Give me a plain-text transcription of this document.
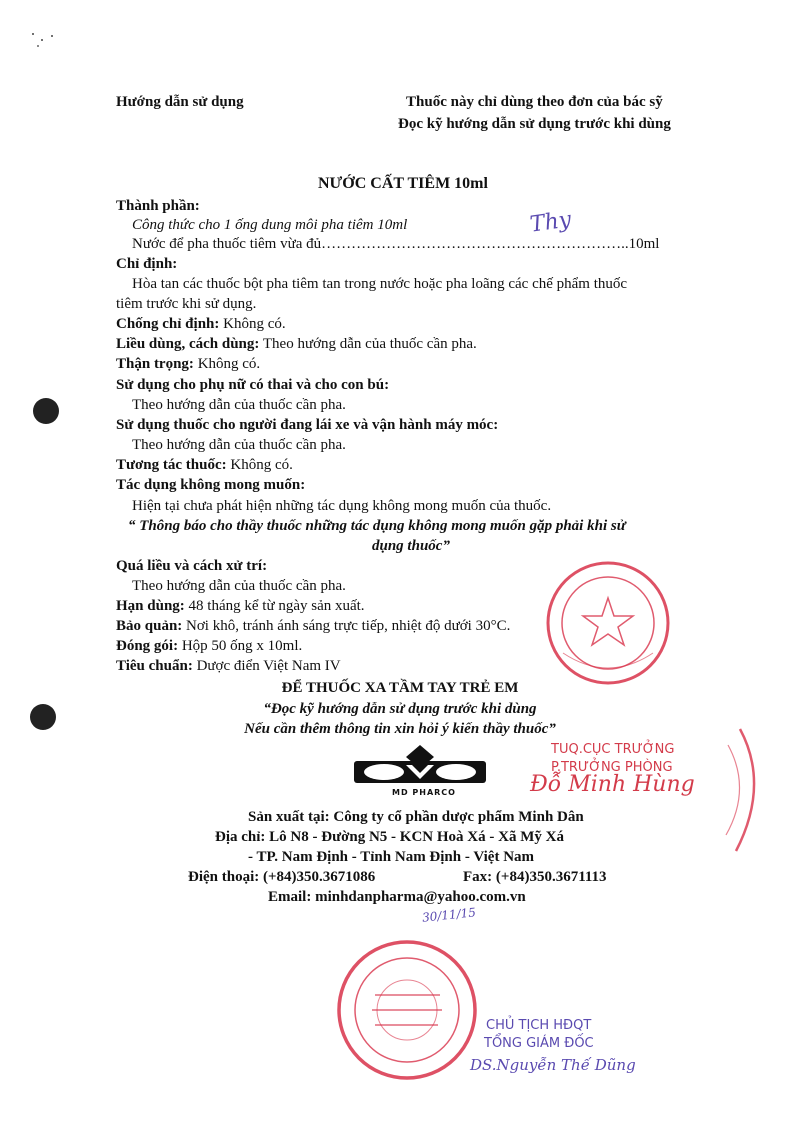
Hướng dẫn sử dụng	Thuốc này chỉ dùng theo đơn của bác sỹ
Đọc kỹ hướng dẫn sử dụng trước khi dùng
NƯỚC CẤT TIÊM 10ml
Thành phần:
Công thức cho 1 ống dung môi pha tiêm 10ml
Nước để pha thuốc tiêm vừa đủ……………………………………………………..10ml
Thy
Chỉ định:
Hòa tan các thuốc bột pha tiêm tan trong nước hoặc pha loãng các chế phẩm thuốc
tiêm trước khi sử dụng.
Chống chỉ định: Không có.
Liều dùng, cách dùng: Theo hướng dẫn của thuốc cần pha.
Thận trọng: Không có.
Sử dụng cho phụ nữ có thai và cho con bú:
Theo hướng dẫn của thuốc cần pha.
Sử dụng thuốc cho người đang lái xe và vận hành máy móc:
Theo hướng dẫn của thuốc cần pha.
Tương tác thuốc: Không có.
Tác dụng không mong muốn:
Hiện tại chưa phát hiện những tác dụng không mong muốn của thuốc.
“ Thông báo cho thầy thuốc những tác dụng không mong muốn gặp phải khi sử
dụng thuốc”
Quá liều và cách xử trí:
Theo hướng dẫn của thuốc cần pha.
Hạn dùng: 48 tháng kể từ ngày sản xuất.
Bảo quản: Nơi khô, tránh ánh sáng trực tiếp, nhiệt độ dưới 30°C.
Đóng gói: Hộp 50 ống x 10ml.
Tiêu chuẩn: Dược điển Việt Nam IV
ĐỂ THUỐC XA TẦM TAY TRẺ EM
“Đọc kỹ hướng dẫn sử dụng trước khi dùng
Nếu cần thêm thông tin xin hỏi ý kiến thầy thuốc”
MD PHARCO
TUQ.CỤC TRƯỞNG
P.TRƯỞNG PHÒNG
Đỗ Minh Hùng
Sản xuất tại: Công ty cổ phần dược phẩm Minh Dân
Địa chỉ: Lô N8 - Đường N5 - KCN Hoà Xá - Xã Mỹ Xá
- TP. Nam Định - Tỉnh Nam Định - Việt Nam
Điện thoại: (+84)350.3671086	Fax: (+84)350.3671113
Email: minhdanpharma@yahoo.com.vn
30/11/15
CHỦ TỊCH HĐQT
TỔNG GIÁM ĐỐC
DS.Nguyễn Thế Dũng
